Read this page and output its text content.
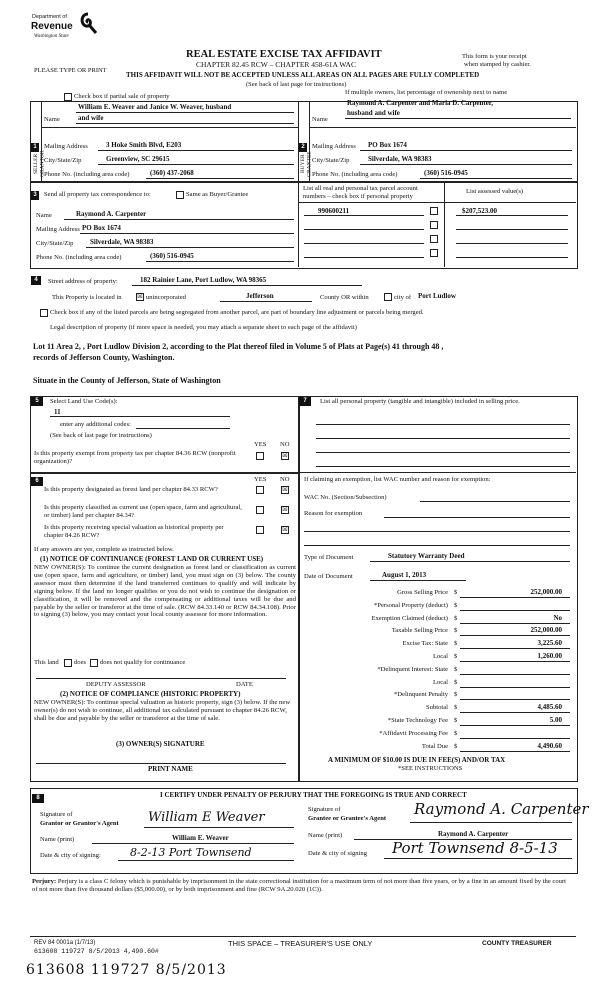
Department of
Revenue
Washington State
REAL ESTATE EXCISE TAX AFFIDAVIT
CHAPTER 82.45 RCW – CHAPTER 458-61A WAC
This form is your receipt
when stamped by cashier.
PLEASE TYPE OR PRINT
THIS AFFIDAVIT WILL NOT BE ACCEPTED UNLESS ALL AREAS ON ALL PAGES ARE FULLY COMPLETED
(See back of last page for instructions)
Check box if partial sale of property
If multiple owners, list percentage of ownership next to name
1
SELLER GRANTOR
Name
William E. Weaver and Janice W. Weaver, husband
and wife
Mailing Address	3 Hoke Smith Blvd, E203
City/State/Zip	Greenview, SC 29615
Phone No. (including area code)	(360) 437-2068
2
BUYER GRANTEE
Name
Raymond A. Carpenter and Maria D. Carpenter,
husband and wife
Mailing Address PO Box 1674
City/State/Zip	Silverdale, WA 98383
Phone No. (including area code)	(360) 516-0945
3	Send all property tax correspondence to:	Same as Buyer/Grantee
Name	Raymond A. Carpenter
Mailing Address PO Box 1674
City/State/Zip Silverdale, WA 98383
Phone No. (including area code)	(360) 516-0945
List all real and personal tax parcel account
numbers – check box if personal property
List assessed value(s)
990600211	$207,523.00
4	Street address of property:	182 Rainier Lane, Port Ludlow, WA 98365
This Property is located in	☒ unincorporated	Jefferson	County OR within	city of Port Ludlow
Check box if any of the listed parcels are being segregated from another parcel, are part of boundary line adjustment or parcels being merged.
Legal description of property (if more space is needed, you may attach a separate sheet to each page of the affidavit)
Lot 11 Area 2, , Port Ludlow Division 2, according to the Plat thereof filed in Volume 5 of Plats at Page(s) 41 through 48 ,
records of Jefferson County, Washington.
Situate in the County of Jefferson, State of Washington
5	Select Land Use Code(s):
11
enter any additional codes:
(See back of last page for instructions)
YES NO
Is this property exempt from property tax per chapter 84.36 RCW (nonprofit organization)?
☒
6	YES NO
Is this property designated as forest land per chapter 84.33 RCW?	☒
Is this property classified as current use (open space, farm and agricultural, or timber) land per chapter 84.34?
☒
Is this property receiving special valuation as historical property per chapter 84.26 RCW?
☒
If any answers are yes, complete as instructed below.
(1) NOTICE OF CONTINUANCE (FOREST LAND OR CURRENT USE)
NEW OWNER(S): To continue the current designation as forest land or classification as current use (open space, farm and agriculture, or timber) land, you must sign on (3) below. The county assessor must then determine if the land transferred continues to qualify and will indicate by signing below. If the land no longer qualifies or you do not wish to continue the designation or classification, it will be removed and the compensating or additional taxes will be due and payable by the seller or transferor at the time of sale. (RCW 84.33.140 or RCW 84.34.108). Prior to signing (3) below, you may contact your local county assessor for more information.
This land does does not qualify for continuance
DEPUTY ASSESSOR	DATE
(2) NOTICE OF COMPLIANCE (HISTORIC PROPERTY)
NEW OWNER(S): To continue special valuation as historic property, sign (3) below. If the new owner(s) do not wish to continue, all additional tax calculated pursuant to chapter 84.26 RCW, shall be due and payable by the seller or transferor at the time of sale.
(3) OWNER(S) SIGNATURE
PRINT NAME
7	List all personal property (tangible and intangible) included in selling price.
If claiming an exemption, list WAC number and reason for exemption:
WAC No. (Section/Subsection)
Reason for exemption
Type of Document	Statutory Warranty Deed
Date of Document	August 1, 2013
Gross Selling Price $	252,000.00
*Personal Property (deduct) $
Exemption Claimed (deduct) $	No
Taxable Selling Price $	252,000.00
Excise Tax: State $	3,225.60
Local $	1,260.00
*Delinquent Interest: State $
Local $
*Delinquent Penalty $
Subtotal $	4,485.60
*State Technology Fee $	5.00
*Affidavit Processing Fee $
Total Due $	4,490.60
A MINIMUM OF $10.00 IS DUE IN FEE(S) AND/OR TAX
*SEE INSTRUCTIONS
8	I CERTIFY UNDER PENALTY OF PERJURY THAT THE FOREGOING IS TRUE AND CORRECT
Signature of
Grantor or Grantor's Agent William E Weaver
Name (print)	William E. Weaver
Date & city of signing:	8-2-13 Port Townsend
Signature of
Grantee or Grantee's Agent
Raymond A. Carpenter
Name (print)	Raymond A. Carpenter
Date & city of signing Port Townsend 8-5-13
Perjury: Perjury is a class C felony which is punishable by imprisonment in the state correctional institution for a maximum term of not more than five years, or by a fine in an amount fixed by the court of not more than five thousand dollars ($5,000.00), or by both imprisonment and fine (RCW 9A.20.020 (1C)).
REV 84 0001a (1/7/13)
613608 119727 8/5/2013 4,490.60#
THIS SPACE – TREASURER'S USE ONLY	COUNTY TREASURER
613608 119727 8/5/2013
